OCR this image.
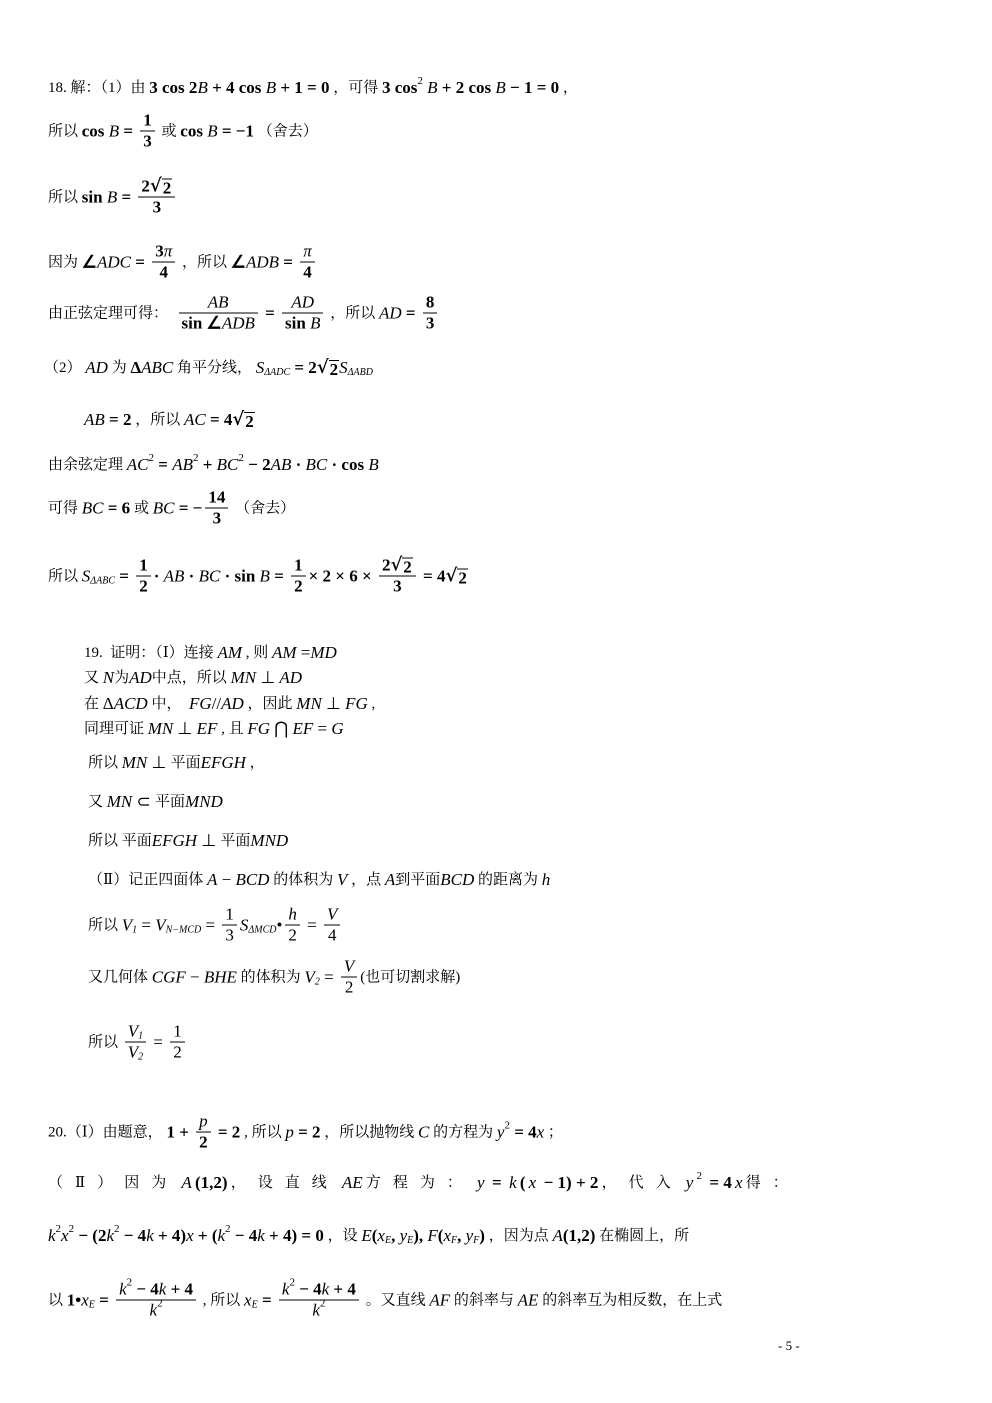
18. 解：（1）由 3 cos 2 B + 4 cos B + 1 = 0 ，可得 3 cos 2 B + 2 cos B − 1 = 0 ，
所以 $\cos B = \frac{1}{3}$ 或 cos B = −1 （舍去）
所以 sin B = 2
√ 2
3
因为 ∠ ADC = $\frac{3 \pi}{4}$ ，所以 ∠ ADB = $\frac{\pi}{4}$
由正弦定理可得： $\frac{AB}{\text{sin ∠ ADB}} = \frac{AD}{\text{sin B}}$ ，所以 AD = $\frac{8}{3}$
（2） AD 为 Δ ABC 角平分线， S ΔADC = 2
√ 2 S ΔABD
AB = 2 ，所以 AC = 4
√ 2
由余弦定理 AC 2 = AB 2 + BC 2 − 2 AB · BC · cos B
可得 BC = 6 或 BC = − $\frac{14}{3}$ （舍去）
所以 S $\Delta ABC = \frac{1}{2}$ · AB · BC · $\sin B = \frac{1}{2} \times 2 \times 6 \times 2$
√ 2
3 = 4
√ 2
19.  证明：（Ⅰ）连接 AM , 则 AM = MD
又 N 为 AD 中点，所以 MN ⊥ AD
在 Δ ACD 中， FG // AD ，因此 MN ⊥ FG ,
同理可证 MN ⊥ EF , 且 FG ⋂ EF = G
所以 MN ⊥ 平面 EFGH ，
又 MN ⊂ 平面 MND
所以 平面 EFGH ⊥ 平面 MND
（Ⅱ）记正四面体 A − BCD 的体积为 V ，点 A 到平面 BCD 的距离为 h
所以 V 1 = V $N-MCD = \frac{1}{3}$ S ΔMCD • $\frac{h}{2} = \frac{V}{4}$
又几何体 CGF − BHE 的体积为 V $2 = \frac{V}{2}$ (也可切割求解)
所以 $\frac{V 1}{V 2} = \frac{1}{2}$
20.（Ⅰ）由题意， $1 + \frac{p}{2} = 2$ , 所以 p = 2 ，所以抛物线 C 的方程为 y 2 = 4 x ；
（Ⅱ）因为 A (1,2) ，设直线 AE 方程为： y = k ( x − 1) + 2 ，代入 y 2 = 4 x 得：
k 2 x 2 − (2 k 2 − 4 k + 4) x + ( k 2 − 4 k + 4) = 0 ，设 E ( x E , y E ), F ( x F , y F ) ，因为点 A (1,2) 在椭圆上，所
以 1• x $E = \frac{k 2 - 4 k + 4}{k 2}$ , 所以 x $E = \frac{k 2 - 4 k + 4}{k 2}$ 。又直线 AF 的斜率与 AE 的斜率互为相反数，在上式
- 5 -
